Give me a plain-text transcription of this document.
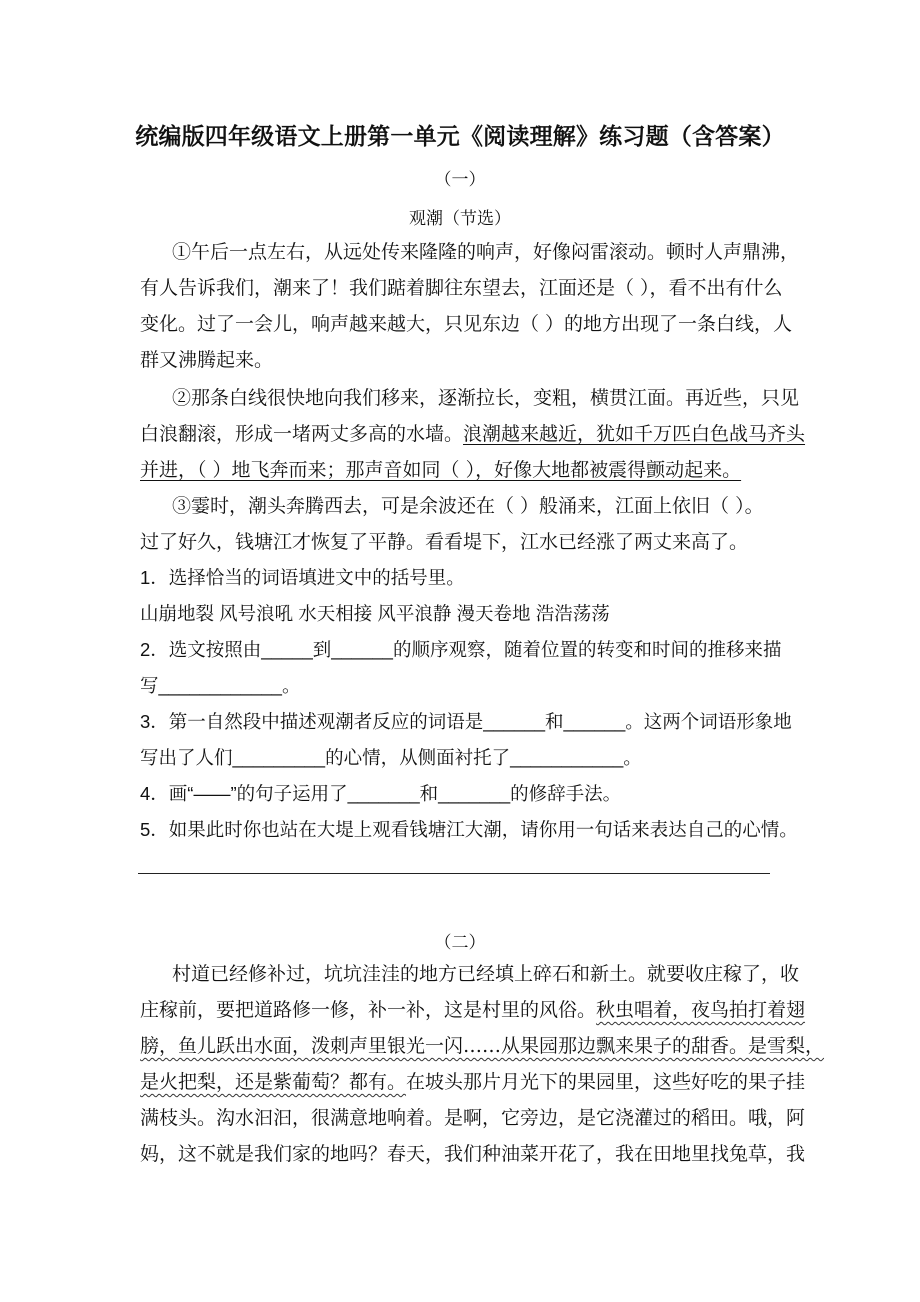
统编版四年级语文上册第一单元《阅读理解》练习题（含答案）
（一）
观潮（节选）
①午后一点左右，从远处传来隆隆的响声，好像闷雷滚动。顿时人声鼎沸，
有人告诉我们，潮来了！我们踮着脚往东望去，江面还是（ ），看不出有什么
变化。过了一会儿，响声越来越大，只见东边（ ）的地方出现了一条白线，人
群又沸腾起来。
②那条白线很快地向我们移来，逐渐拉长，变粗，横贯江面。再近些，只见
白浪翻滚，形成一堵两丈多高的水墙。浪潮越来越近，犹如千万匹白色战马齐头
并进，（ ）地飞奔而来；那声音如同（ ），好像大地都被震得颤动起来。
③霎时，潮头奔腾西去，可是余波还在（ ）般涌来，江面上依旧（ ）。
过了好久，钱塘江才恢复了平静。看看堤下，江水已经涨了两丈来高了。
1．选择恰当的词语填进文中的括号里。
山崩地裂 风号浪吼 水天相接 风平浪静 漫天卷地 浩浩荡荡
2．选文按照由_____到______的顺序观察，随着位置的转变和时间的推移来描
写____________。
3．第一自然段中描述观潮者反应的词语是______和______。这两个词语形象地
写出了人们_________的心情，从侧面衬托了___________。
4．画“——”的句子运用了_______和_______的修辞手法。
5．如果此时你也站在大堤上观看钱塘江大潮，请你用一句话来表达自己的心情。
（二）
村道已经修补过，坑坑洼洼的地方已经填上碎石和新土。就要收庄稼了，收
庄稼前，要把道路修一修，补一补，这是村里的风俗。秋虫唱着，夜鸟拍打着翅
膀，鱼儿跃出水面，泼刺声里银光一闪……从果园那边飘来果子的甜香。是雪梨，
是火把梨，还是紫葡萄？都有。在坡头那片月光下的果园里，这些好吃的果子挂
满枝头。沟水汩汩，很满意地响着。是啊，它旁边，是它浇灌过的稻田。哦，阿
妈，这不就是我们家的地吗？春天，我们种油菜开花了，我在田地里找兔草，我
